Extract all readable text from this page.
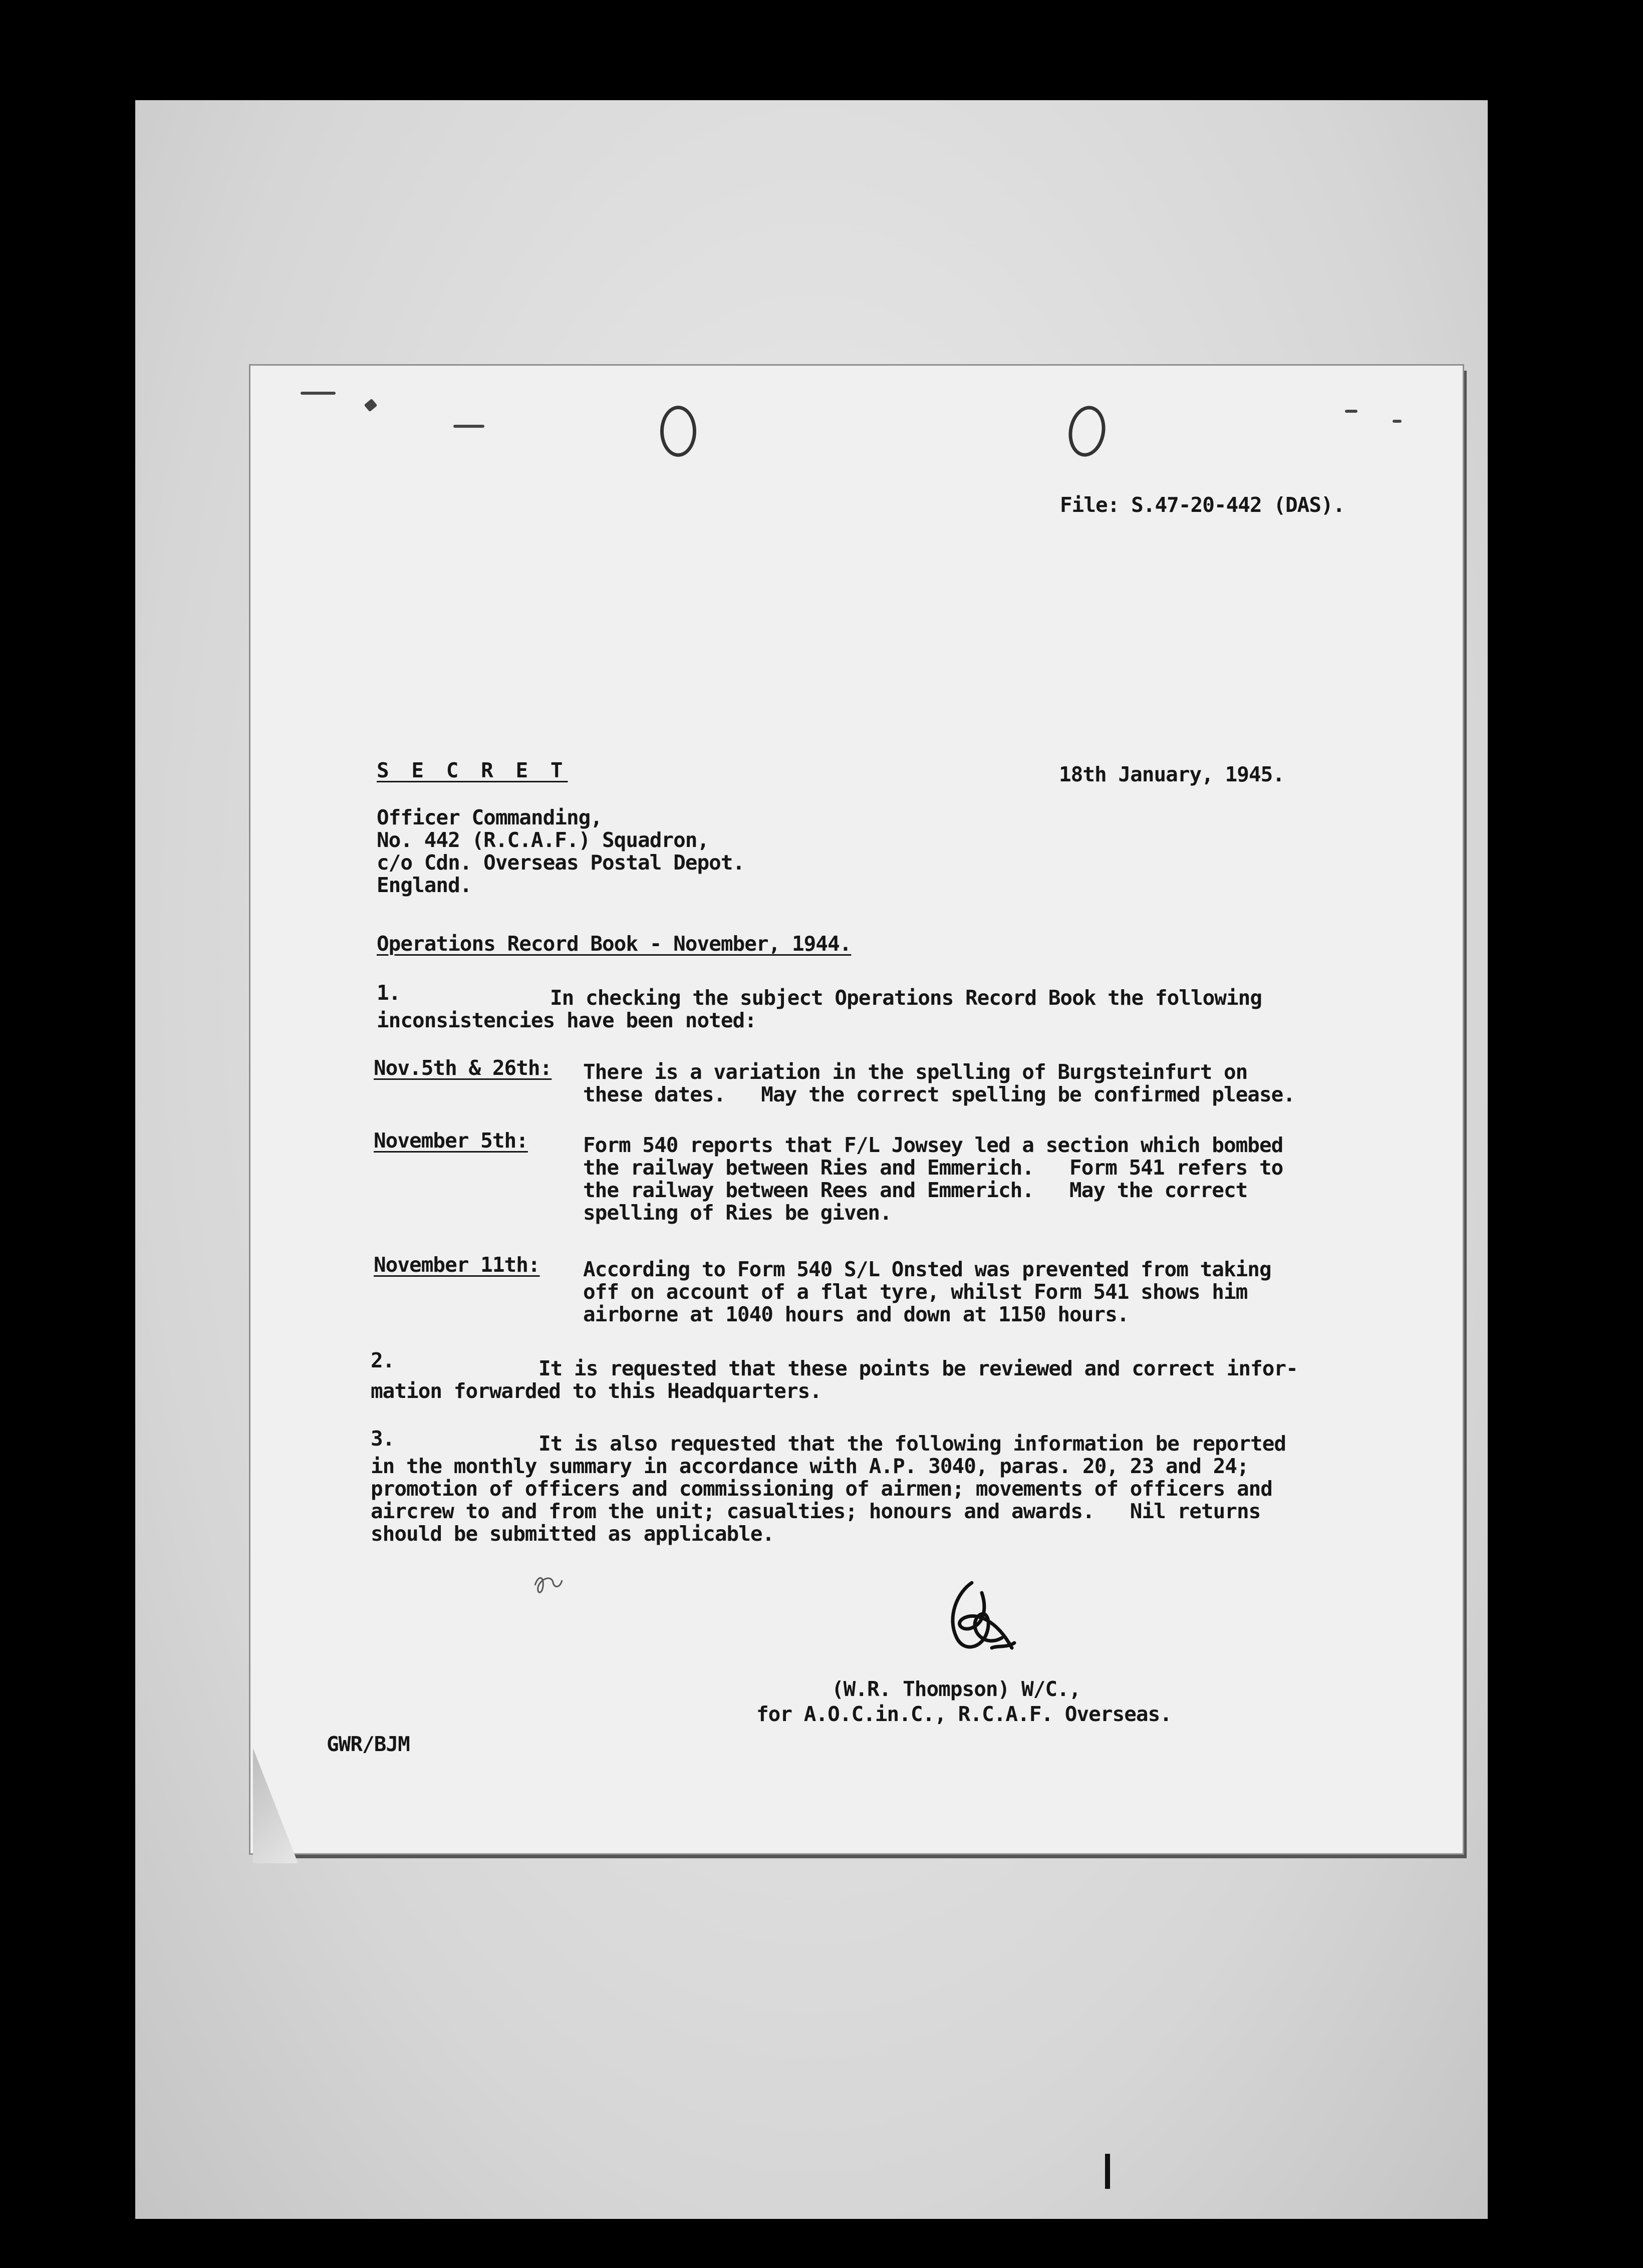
File: S.47-20-442 (DAS).
S E C R E T	18th January, 1945.
Officer Commanding,
No. 442 (R.C.A.F.) Squadron,
c/o Cdn. Overseas Postal Depot.
England.
Operations Record Book - November, 1944.
1.	In checking the subject Operations Record Book the following
inconsistencies have been noted:
Nov.5th & 26th: There is a variation in the spelling of Burgsteinfurt on
these dates.   May the correct spelling be confirmed please.
November 5th:	Form 540 reports that F/L Jowsey led a section which bombed
the railway between Ries and Emmerich.   Form 541 refers to
the railway between Rees and Emmerich.   May the correct
spelling of Ries be given.
November 11th: According to Form 540 S/L Onsted was prevented from taking
off on account of a flat tyre, whilst Form 541 shows him
airborne at 1040 hours and down at 1150 hours.
2.	It is requested that these points be reviewed and correct infor-
mation forwarded to this Headquarters.
3.	It is also requested that the following information be reported
in the monthly summary in accordance with A.P. 3040, paras. 20, 23 and 24;
promotion of officers and commissioning of airmen; movements of officers and
aircrew to and from the unit; casualties; honours and awards.   Nil returns
should be submitted as applicable.
(W.R. Thompson) W/C.,
for A.O.C.in.C., R.C.A.F. Overseas.
GWR/BJM
